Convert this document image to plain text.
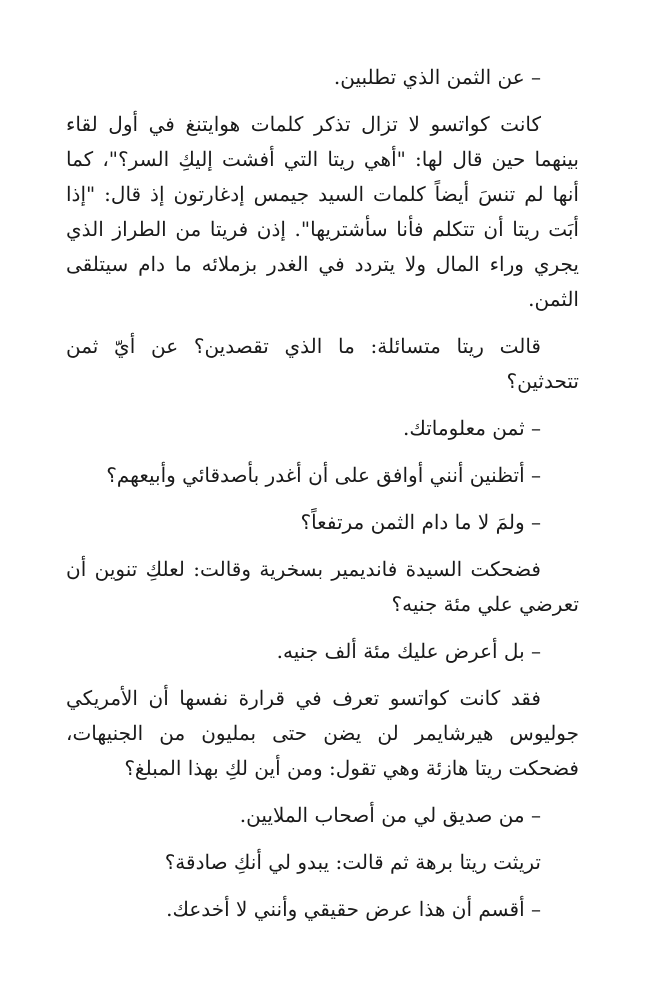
– عن الثمن الذي تطلبين.

كانت كواتسو لا تزال تذكر كلمات هوايتنغ في أول لقاء بينهما حين قال لها: "أهي ريتا التي أفشت إليكِ السر؟"، كما أنها لم تنسَ أيضاً كلمات السيد جيمس إدغارتون إذ قال: "إذا أبَت ريتا أن تتكلم فأنا سأشتريها". إذن فريتا من الطراز الذي يجري وراء المال ولا يتردد في الغدر بزملائه ما دام سيتلقى الثمن.

قالت ريتا متسائلة: ما الذي تقصدين؟ عن أيّ ثمن تتحدثين؟

– ثمن معلوماتك.

– أتظنين أنني أوافق على أن أغدر بأصدقائي وأبيعهم؟

– ولمَ لا ما دام الثمن مرتفعاً؟

فضحكت السيدة فانديمير بسخرية وقالت: لعلكِ تنوين أن تعرضي علي مئة جنيه؟

– بل أعرض عليك مئة ألف جنيه.

فقد كانت كواتسو تعرف في قرارة نفسها أن الأمريكي جوليوس هيرشايمر لن يضن حتى بمليون من الجنيهات، فضحكت ريتا هازئة وهي تقول: ومن أين لكِ بهذا المبلغ؟

– من صديق لي من أصحاب الملايين.

تريثت ريتا برهة ثم قالت: يبدو لي أنكِ صادقة؟

– أقسم أن هذا عرض حقيقي وأنني لا أخدعك.
